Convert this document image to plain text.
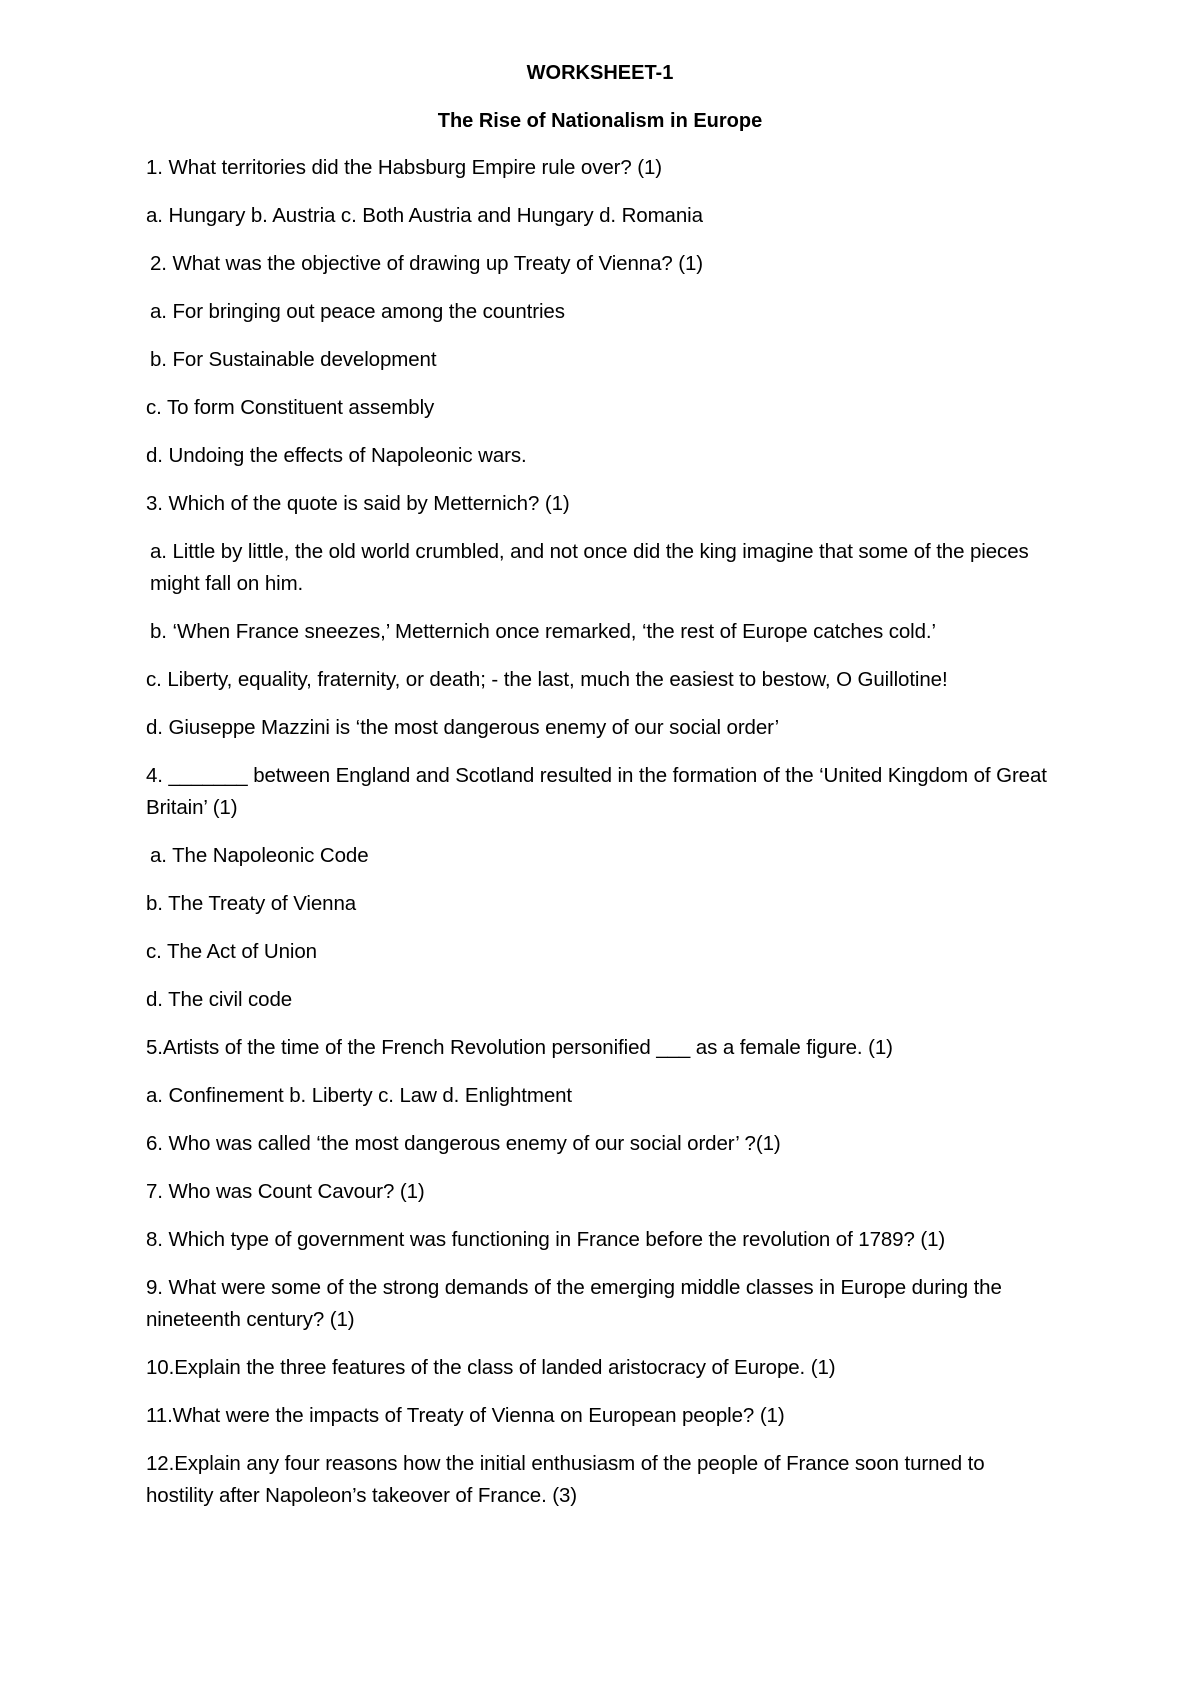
WORKSHEET-1
The Rise of Nationalism in Europe
1. What territories did the Habsburg Empire rule over? (1)
a. Hungary b. Austria c. Both Austria and Hungary d. Romania
2. What was the objective of drawing up Treaty of Vienna? (1)
a. For bringing out peace among the countries
b. For Sustainable development
c. To form Constituent assembly
d. Undoing the effects of Napoleonic wars.
3. Which of the quote is said by Metternich? (1)
a. Little by little, the old world crumbled, and not once did the king imagine that some of the pieces might fall on him.
b. ‘When France sneezes,’ Metternich once remarked, ‘the rest of Europe catches cold.’
c. Liberty, equality, fraternity, or death; - the last, much the easiest to bestow, O Guillotine!
d. Giuseppe Mazzini is ‘the most dangerous enemy of our social order’
4. _______ between England and Scotland resulted in the formation of the ‘United Kingdom of Great Britain’ (1)
a. The Napoleonic Code
b. The Treaty of Vienna
c. The Act of Union
d. The civil code
5.Artists of the time of the French Revolution personified ___ as a female figure. (1)
a. Confinement b. Liberty c. Law d. Enlightment
6. Who was called ‘the most dangerous enemy of our social order’ ?(1)
7. Who was Count Cavour? (1)
8. Which type of government was functioning in France before the revolution of 1789? (1)
9. What were some of the strong demands of the emerging middle classes in Europe during the nineteenth century? (1)
10.Explain the three features of the class of landed aristocracy of Europe. (1)
11.What were the impacts of Treaty of Vienna on European people? (1)
12.Explain any four reasons how the initial enthusiasm of the people of France soon turned to hostility after Napoleon’s takeover of France. (3)
